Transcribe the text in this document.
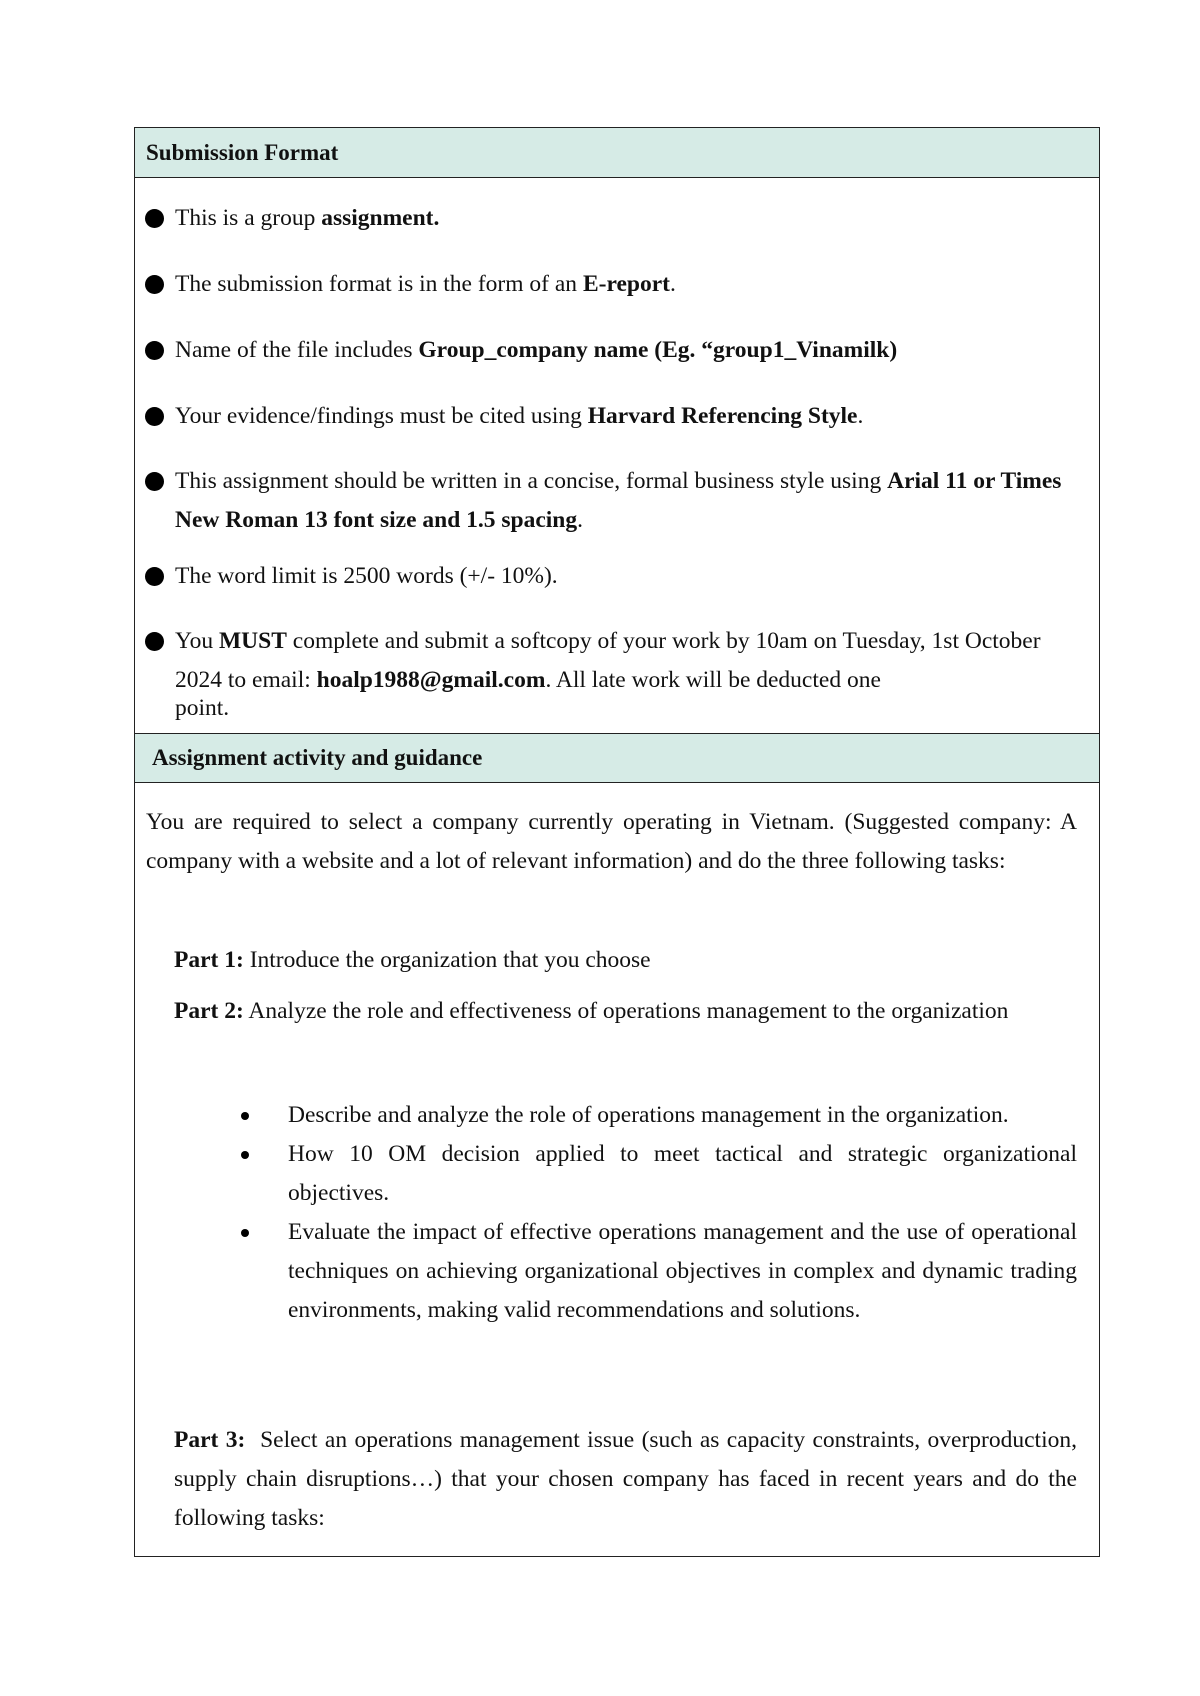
Submission Format
This is a group assignment.
The submission format is in the form of an E-report.
Name of the file includes Group_company name (Eg. “group1_Vinamilk)
Your evidence/findings must be cited using Harvard Referencing Style.
This assignment should be written in a concise, formal business style using Arial 11 or Times New Roman 13 font size and 1.5 spacing.
The word limit is 2500 words (+/- 10%).
You MUST complete and submit a softcopy of your work by 10am on Tuesday, 1st October 2024 to email: hoalp1988@gmail.com. All late work will be deducted one
point.
Assignment activity and guidance
You are required to select a company currently operating in Vietnam. (Suggested company: A company with a website and a lot of relevant information) and do the three following tasks:
Part 1: Introduce the organization that you choose
Part 2: Analyze the role and effectiveness of operations management to the organization
Describe and analyze the role of operations management in the organization.
How 10 OM decision applied to meet tactical and strategic organizational objectives.
Evaluate the impact of effective operations management and the use of operational techniques on achieving organizational objectives in complex and dynamic trading environments, making valid recommendations and solutions.
Part 3:  Select an operations management issue (such as capacity constraints, overproduction, supply chain disruptions…) that your chosen company has faced in recent years and do the following tasks:
